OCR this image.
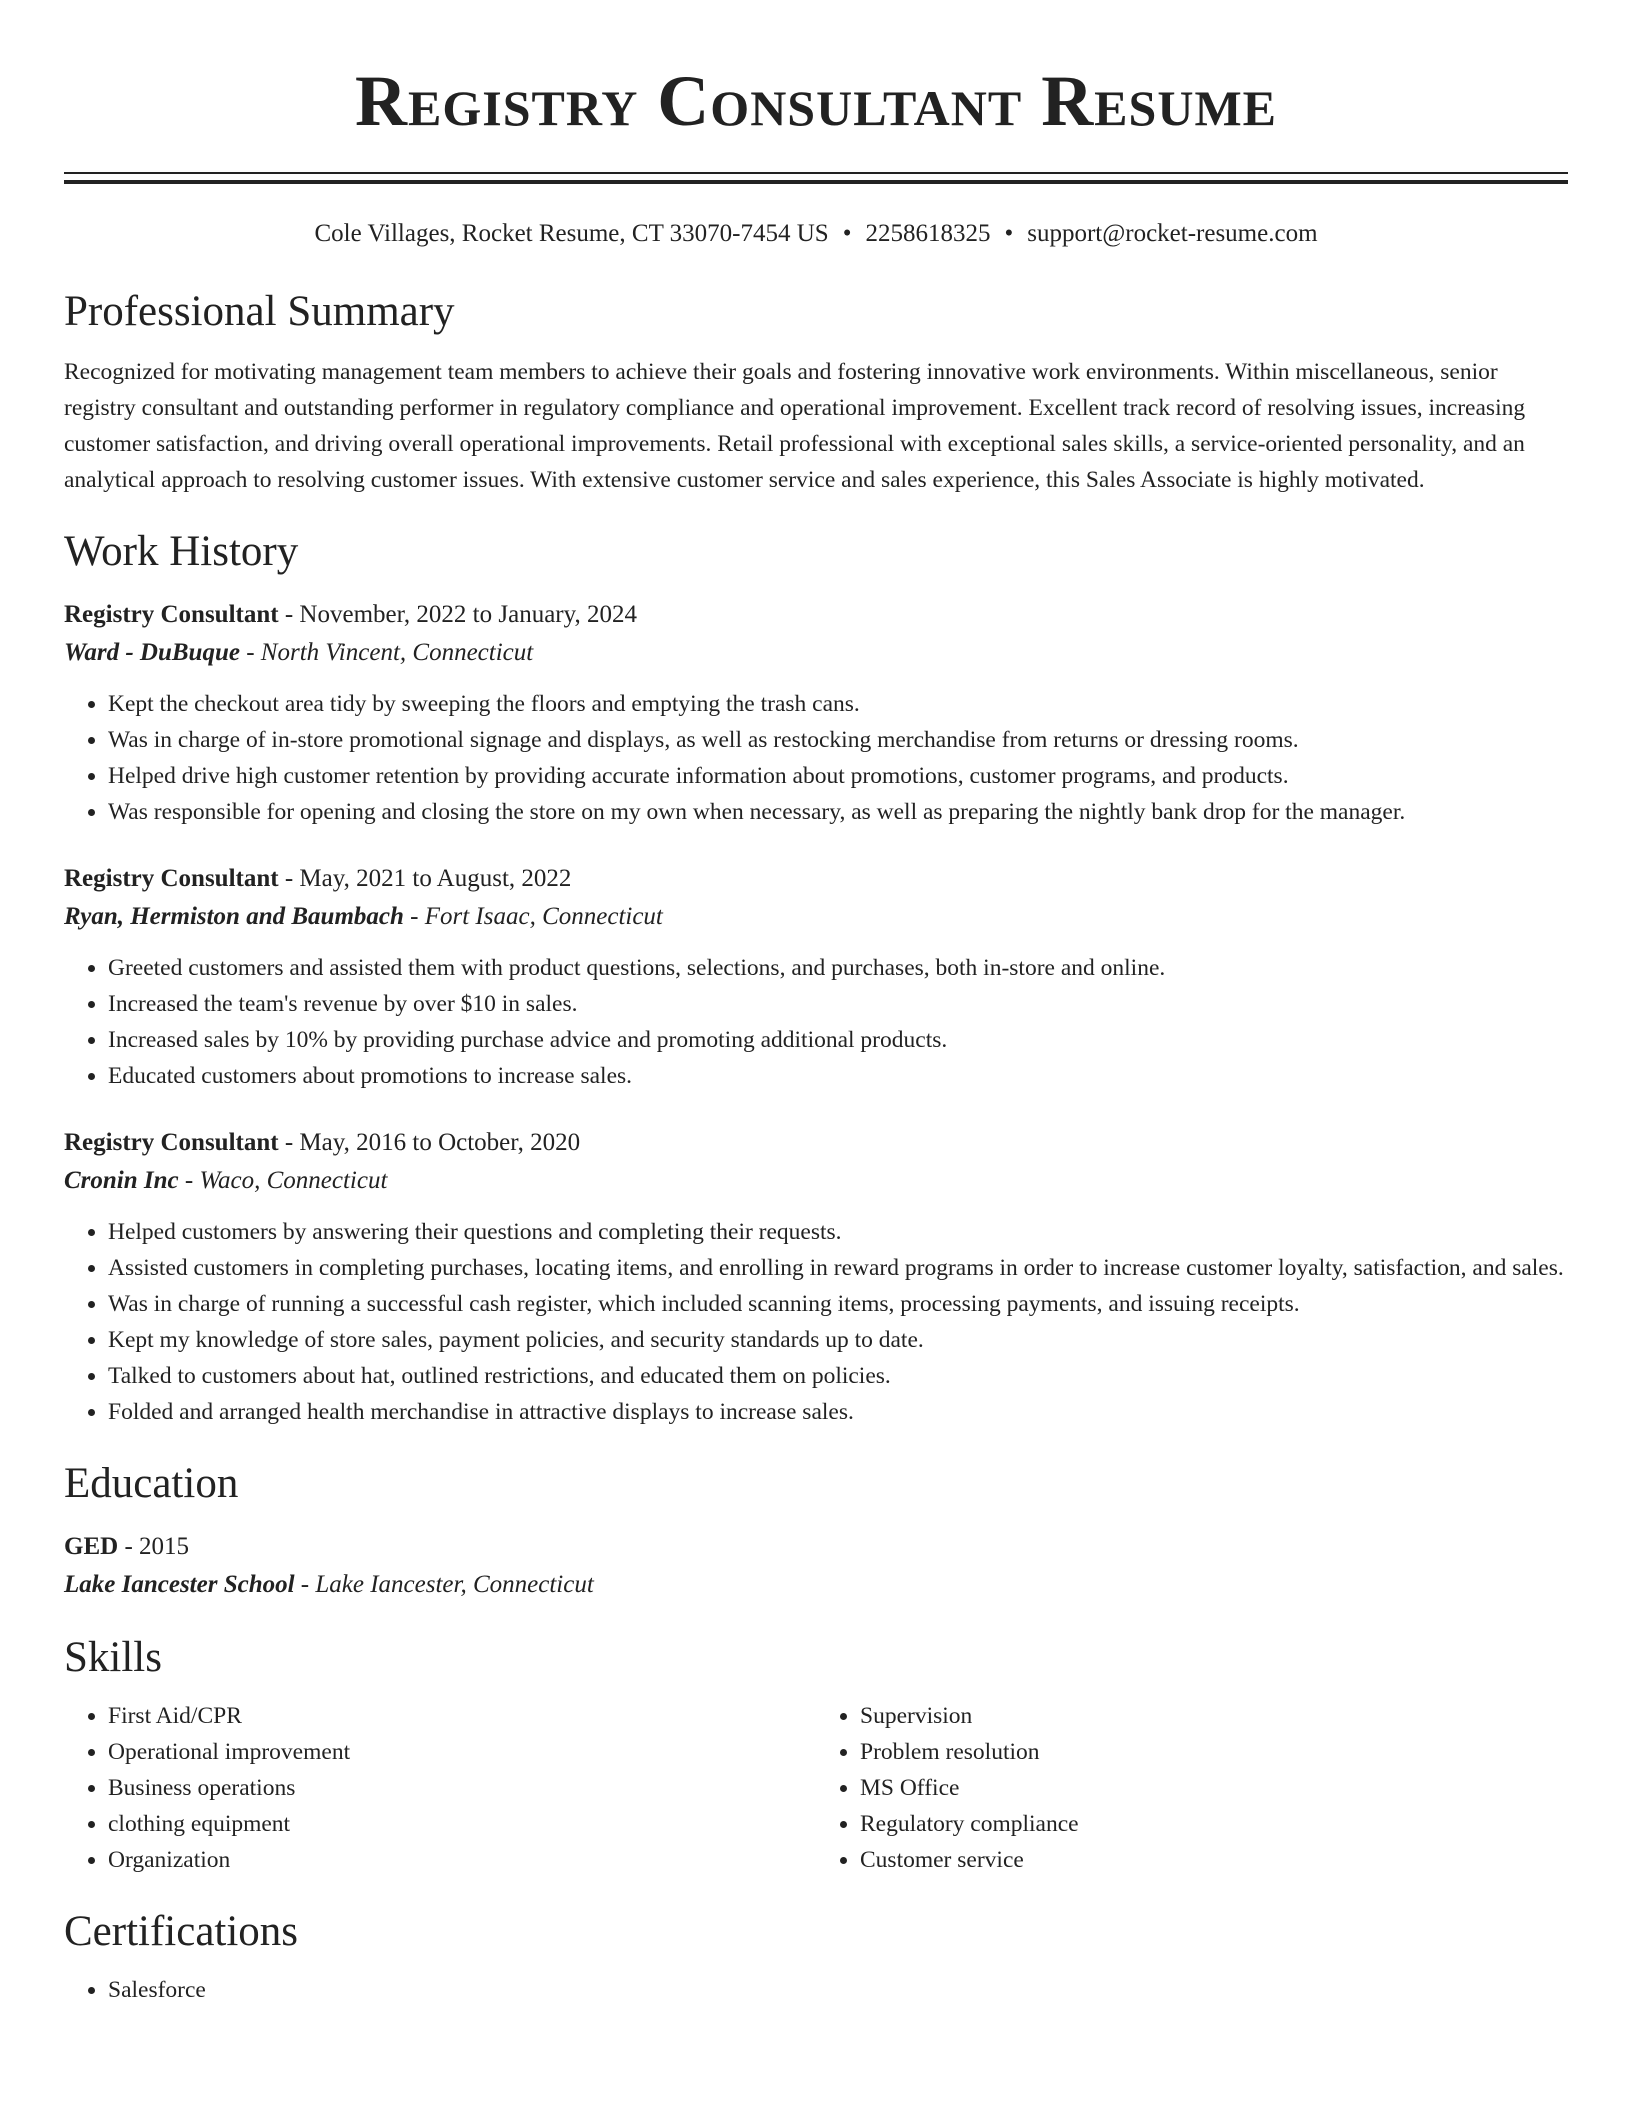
Registry Consultant Resume
Cole Villages, Rocket Resume, CT 33070-7454 US • 2258618325 • support@rocket-resume.com
Professional Summary

Recognized for motivating management team members to achieve their goals and fostering innovative work environments. Within miscellaneous, senior registry consultant and outstanding performer in regulatory compliance and operational improvement. Excellent track record of resolving issues, increasing customer satisfaction, and driving overall operational improvements. Retail professional with exceptional sales skills, a service-oriented personality, and an analytical approach to resolving customer issues. With extensive customer service and sales experience, this Sales Associate is highly motivated.

Work History
Registry Consultant - November, 2022 to January, 2024
Ward - DuBuque - North Vincent, Connecticut
• Kept the checkout area tidy by sweeping the floors and emptying the trash cans.
• Was in charge of in-store promotional signage and displays, as well as restocking merchandise from returns or dressing rooms.
• Helped drive high customer retention by providing accurate information about promotions, customer programs, and products.
• Was responsible for opening and closing the store on my own when necessary, as well as preparing the nightly bank drop for the manager.
Registry Consultant - May, 2021 to August, 2022
Ryan, Hermiston and Baumbach - Fort Isaac, Connecticut
• Greeted customers and assisted them with product questions, selections, and purchases, both in-store and online.
• Increased the team's revenue by over $10 in sales.
• Increased sales by 10% by providing purchase advice and promoting additional products.
• Educated customers about promotions to increase sales.
Registry Consultant - May, 2016 to October, 2020
Cronin Inc - Waco, Connecticut
• Helped customers by answering their questions and completing their requests.
• Assisted customers in completing purchases, locating items, and enrolling in reward programs in order to increase customer loyalty, satisfaction, and sales.
• Was in charge of running a successful cash register, which included scanning items, processing payments, and issuing receipts.
• Kept my knowledge of store sales, payment policies, and security standards up to date.
• Talked to customers about hat, outlined restrictions, and educated them on policies.
• Folded and arranged health merchandise in attractive displays to increase sales.
Education
GED - 2015
Lake Iancester School - Lake Iancester, Connecticut
Skills
• First Aid/CPR
• Operational improvement
• Business operations
• clothing equipment
• Organization
• Supervision
• Problem resolution
• MS Office
• Regulatory compliance
• Customer service
Certifications
• Salesforce
